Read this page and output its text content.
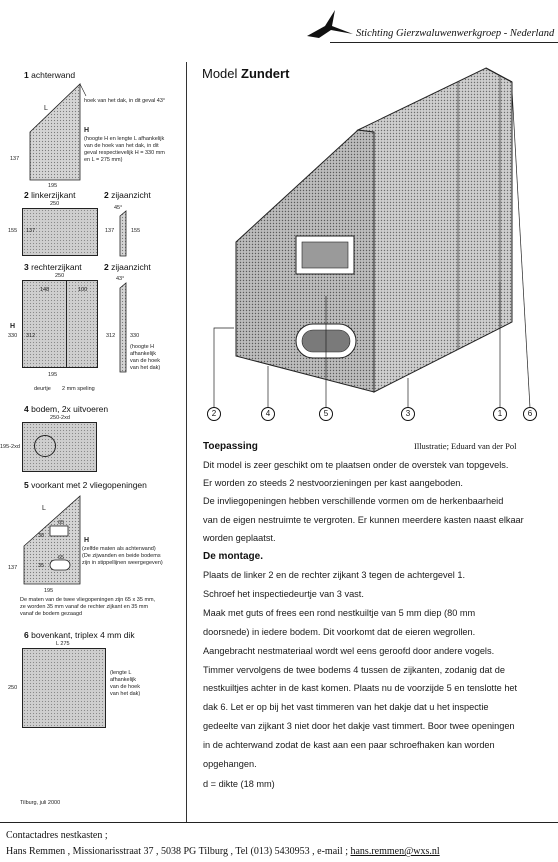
Stichting Gierzwaluwenwerkgroep - Nederland
1 achterwand
L
hoek van het dak, in dit geval 43°
H
(hoogte H en lengte L afhankelijk
van de hoek van het dak, in dit
geval respectievelijk H = 330 mm
en L = 275 mm)
137
195
2 linkerzijkant
250
155 137
2 zijaanzicht
45°
137	155
3 rechterzijkant
250
148	100
H
330 312
deurtje 2 mm speling
195
2 zijaanzicht
43°
312	330
(hoogte H
afhankelijk
van de hoek
van het dak)
4 bodem, 2x uitvoeren
250-2xd
195-2xd
5 voorkant met 2 vliegopeningen
L
65
38
65
35
H
(zelfde maten als achterwand)
(De zijwanden en beide bodems
zijn in stippellijnen weergegeven)
137
195
De maten van de twee vliegopeningen zijn 65 x 35 mm,
ze worden 35 mm vanaf de rechter zijkant en 35 mm
vanaf de bodem gezaagd
6 bovenkant, triplex 4 mm dik
L 275
250
(lengte L
afhankelijk
van de hoek
van het dak)
Tilburg, juli 2000
Model Zundert
2	4	5	3	1	6
Illustratie; Eduard van der Pol
Toepassing
Dit model is zeer geschikt om te plaatsen onder de overstek van topgevels.
Er worden zo steeds 2 nestvoorzieningen per kast aangeboden.
De invliegopeningen hebben verschillende vormen om de herkenbaarheid
van de eigen nestruimte te vergroten. Er kunnen meerdere kasten naast elkaar
worden geplaatst.
De montage.
Plaats de linker 2 en de rechter zijkant 3 tegen de achtergevel 1.
Schroef het inspectiedeurtje van 3 vast.
Maak met guts of frees een rond nestkuiltje van 5 mm diep (80 mm
doorsnede) in iedere bodem. Dit voorkomt dat de eieren wegrollen.
Aangebracht nestmateriaal wordt wel eens geroofd door andere vogels.
Timmer vervolgens de twee bodems 4 tussen de zijkanten, zodanig dat de
nestkuiltjes achter in de kast komen. Plaats nu de voorzijde 5 en tenslotte het
dak 6. Let er op bij het vast timmeren van het dakje dat u het inspectie
gedeelte van zijkant 3 niet door het dakje vast timmert. Boor twee openingen
in de achterwand zodat de kast aan een paar schroefhaken kan worden
opgehangen.
d = dikte (18 mm)
Contactadres nestkasten ;
Hans Remmen , Missionarisstraat 37 , 5038 PG Tilburg , Tel (013) 5430953 , e-mail ; hans.remmen@wxs.nl
